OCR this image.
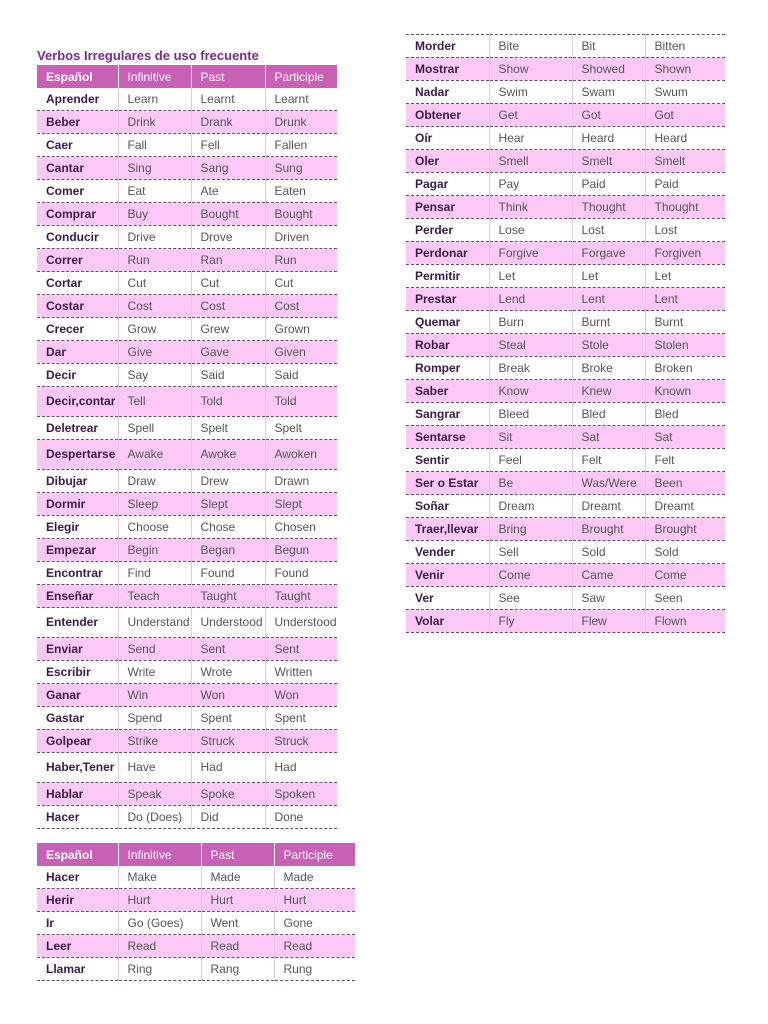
Verbos Irregulares de uso frecuente
Español	Infinitive	Past	Participle
Aprender	Learn	Learnt	Learnt
Beber	Drink	Drank	Drunk
Caer	Fall	Fell	Fallen
Cantar	Sing	Sang	Sung
Comer	Eat	Ate	Eaten
Comprar	Buy	Bought	Bought
Conducir	Drive	Drove	Driven
Correr	Run	Ran	Run
Cortar	Cut	Cut	Cut
Costar	Cost	Cost	Cost
Crecer	Grow	Grew	Grown
Dar	Give	Gave	Given
Decir	Say	Said	Said
Decir,contar	Tell	Told	Told
Deletrear	Spell	Spelt	Spelt
Despertarse	Awake	Awoke	Awoken
Dibujar	Draw	Drew	Drawn
Dormir	Sleep	Slept	Slept
Elegir	Choose	Chose	Chosen
Empezar	Begin	Began	Begun
Encontrar	Find	Found	Found
Enseñar	Teach	Taught	Taught
Entender	Understand	Understood	Understood
Enviar	Send	Sent	Sent
Escribir	Write	Wrote	Written
Ganar	Win	Won	Won
Gastar	Spend	Spent	Spent
Golpear	Strike	Struck	Struck
Haber,Tener	Have	Had	Had
Hablar	Speak	Spoke	Spoken
Hacer	Do (Does)	Did	Done
Morder	Bite	Bit	Bitten
Mostrar	Show	Showed	Shown
Nadar	Swim	Swam	Swum
Obtener	Get	Got	Got
Oír	Hear	Heard	Heard
Oler	Smell	Smelt	Smelt
Pagar	Pay	Paid	Paid
Pensar	Think	Thought	Thought
Perder	Lose	Lost	Lost
Perdonar	Forgive	Forgave	Forgiven
Permitir	Let	Let	Let
Prestar	Lend	Lent	Lent
Quemar	Burn	Burnt	Burnt
Robar	Steal	Stole	Stolen
Romper	Break	Broke	Broken
Saber	Know	Knew	Known
Sangrar	Bleed	Bled	Bled
Sentarse	Sit	Sat	Sat
Sentir	Feel	Felt	Felt
Ser o Estar	Be	Was/Were	Been
Soñar	Dream	Dreamt	Dreamt
Traer,llevar	Bring	Brought	Brought
Vender	Sell	Sold	Sold
Venir	Come	Came	Come
Ver	See	Saw	Seen
Volar	Fly	Flew	Flown
Español	Infinitive	Past	Participle
Hacer	Make	Made	Made
Herir	Hurt	Hurt	Hurt
Ir	Go (Goes)	Went	Gone
Leer	Read	Read	Read
Llamar	Ring	Rang	Rung
